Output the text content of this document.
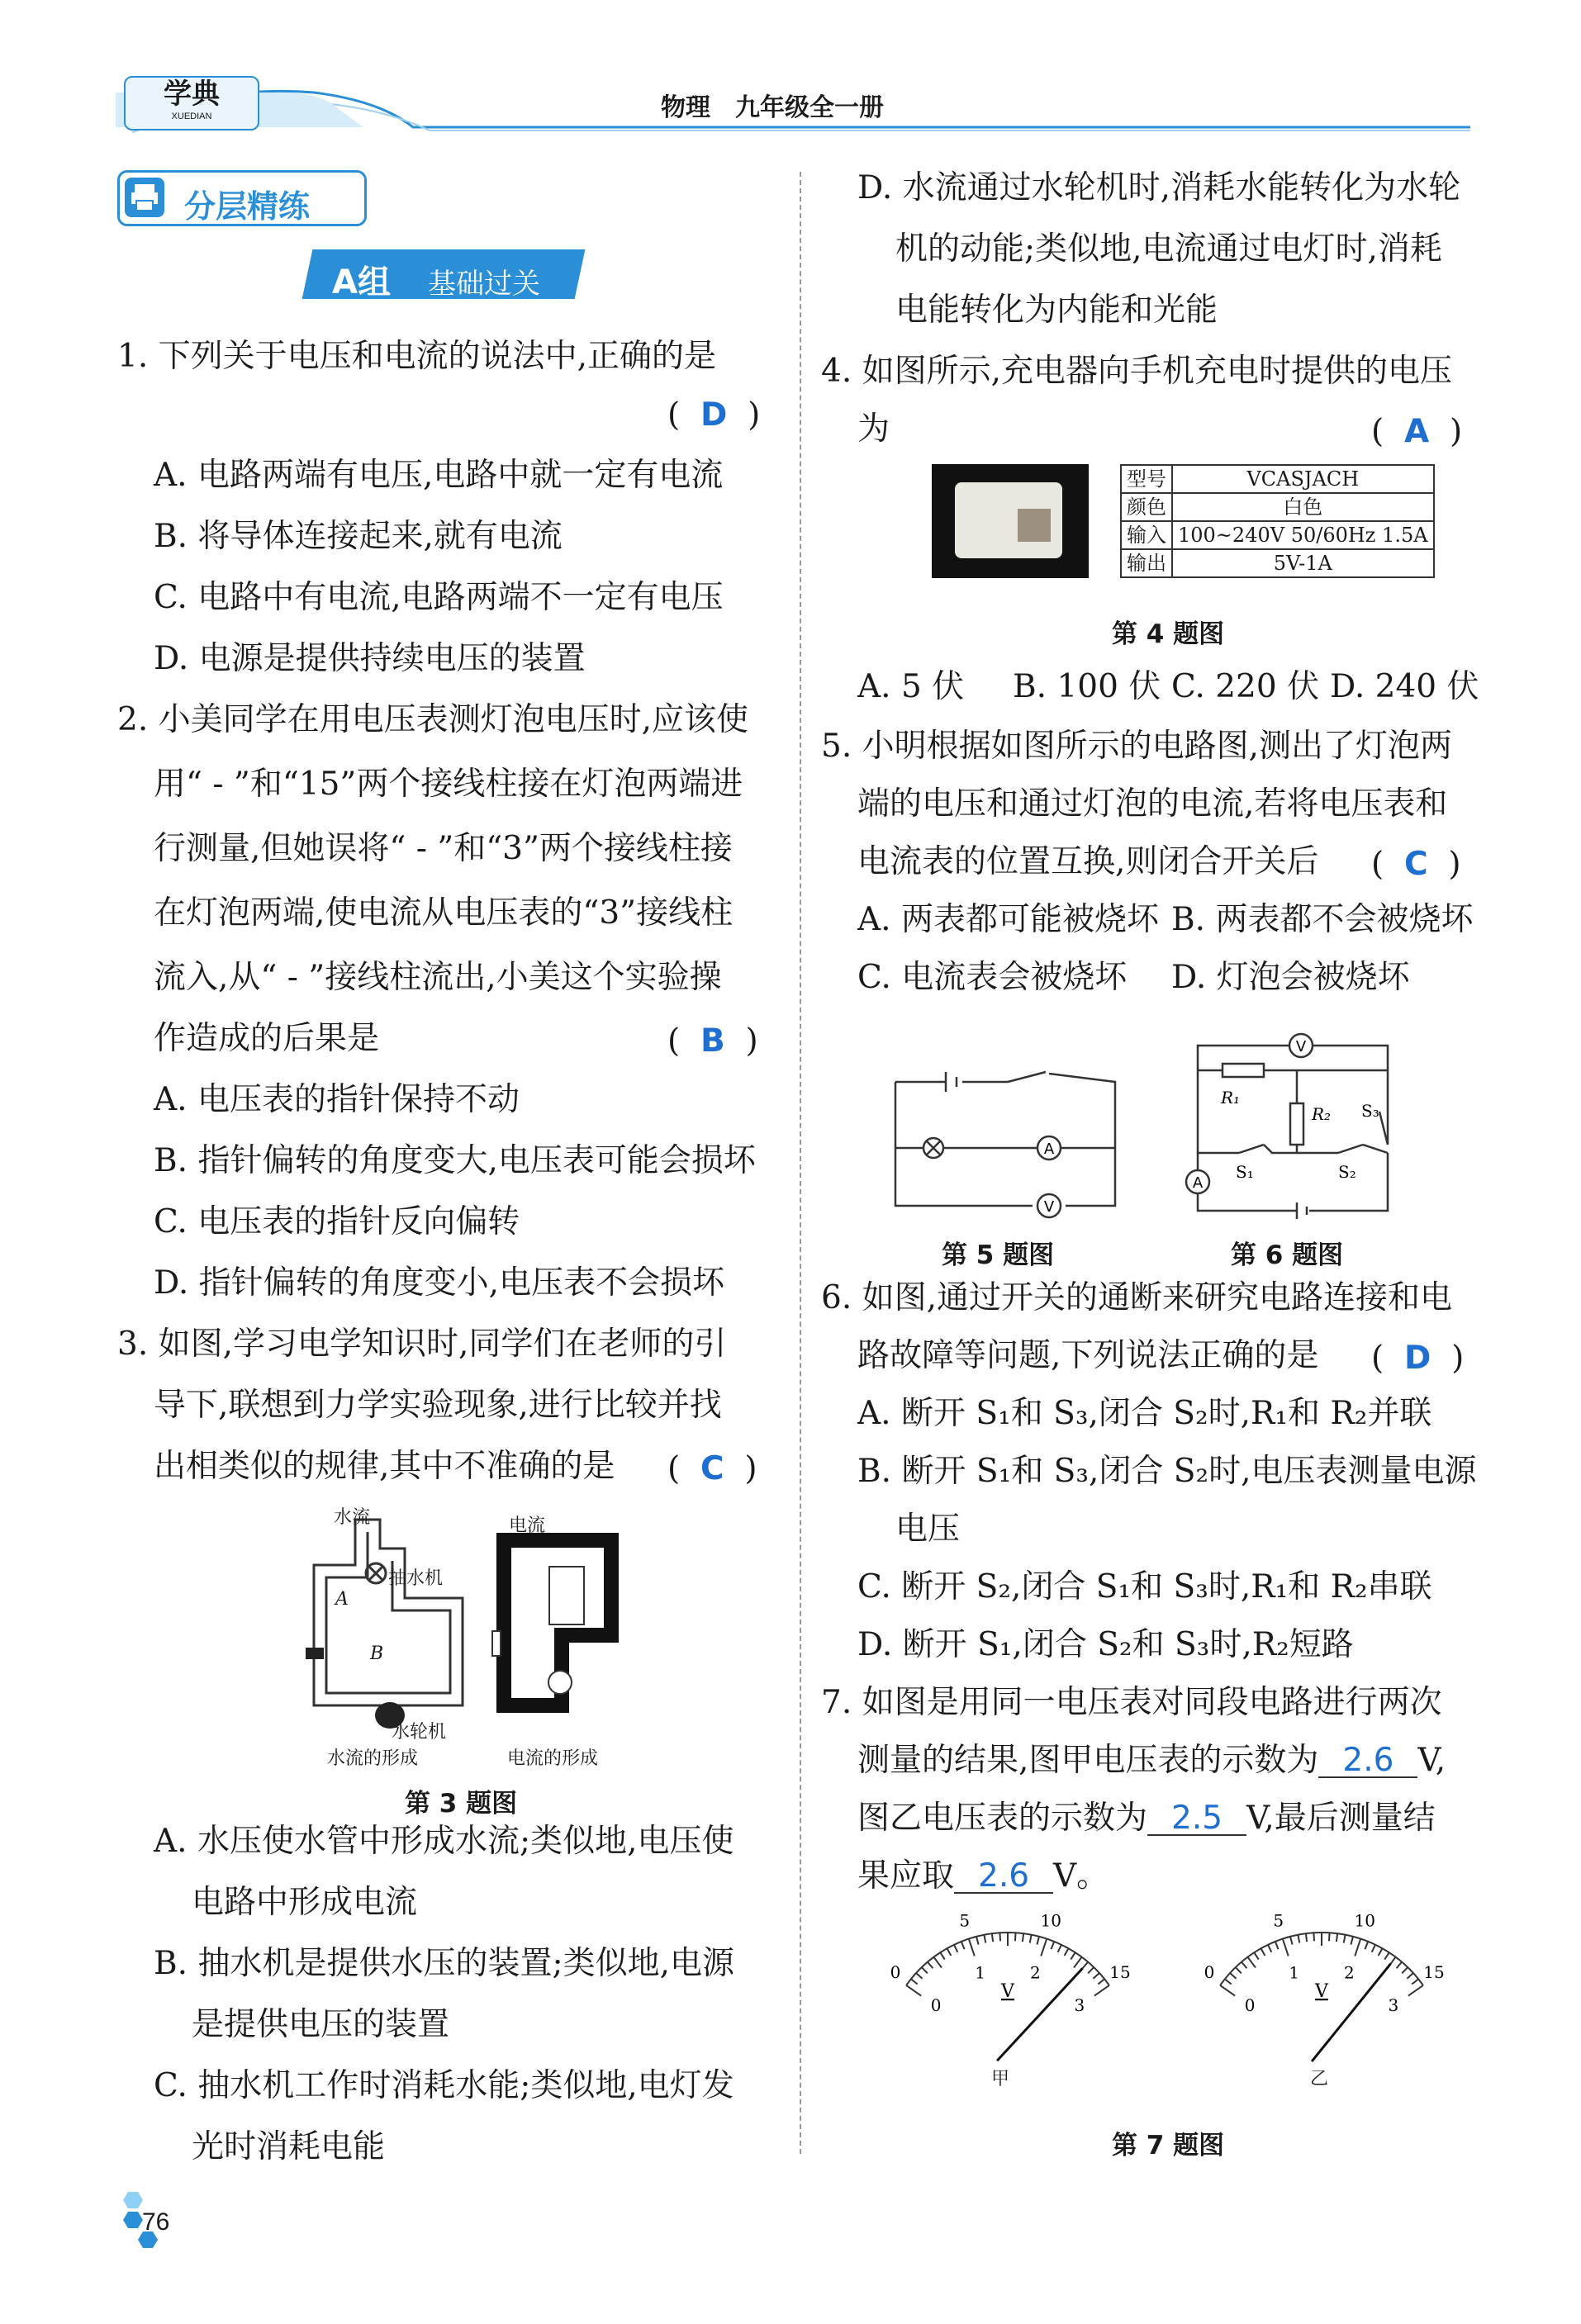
学典
XUEDIAN	物理　九年级全一册
分层精练
A组 基础过关
1. 下列关于电压和电流的说法中,正确的是
(  D  )
A. 电路两端有电压,电路中就一定有电流
B. 将导体连接起来,就有电流
C. 电路中有电流,电路两端不一定有电压
D. 电源是提供持续电压的装置
2. 小美同学在用电压表测灯泡电压时,应该使
用“ - ”和“15”两个接线柱接在灯泡两端进
行测量,但她误将“ - ”和“3”两个接线柱接
在灯泡两端,使电流从电压表的“3”接线柱
流入,从“ - ”接线柱流出,小美这个实验操
作造成的后果是	(  B  )
A. 电压表的指针保持不动
B. 指针偏转的角度变大,电压表可能会损坏
C. 电压表的指针反向偏转
D. 指针偏转的角度变小,电压表不会损坏
3. 如图,学习电学知识时,同学们在老师的引
导下,联想到力学实验现象,进行比较并找
出相类似的规律,其中不准确的是 (  C  )
水流
抽水机
A
B
水轮机
水流的形成
电流
电流的形成
第 3 题图
A. 水压使水管中形成水流;类似地,电压使
电路中形成电流
B. 抽水机是提供水压的装置;类似地,电源
是提供电压的装置
C. 抽水机工作时消耗水能;类似地,电灯发
光时消耗电能
D. 水流通过水轮机时,消耗水能转化为水轮
机的动能;类似地,电流通过电灯时,消耗
电能转化为内能和光能
4. 如图所示,充电器向手机充电时提供的电压
为	(  A  )
型号	VCASJACH
颜色	白色
输入	100~240V 50/60Hz 1.5A
输出	5V-1A
第 4 题图
A. 5 伏 B. 100 伏 C. 220 伏 D. 240 伏
5. 小明根据如图所示的电路图,测出了灯泡两
端的电压和通过灯泡的电流,若将电压表和
电流表的位置互换,则闭合开关后 (  C  )
A. 两表都可能被烧坏 B. 两表都不会被烧坏
C. 电流表会被烧坏 D. 灯泡会被烧坏
V
A
第 5 题图
V
A
R₁
R₂ S₃
S₁	S₂
第 6 题图
6. 如图,通过开关的通断来研究电路连接和电
路故障等问题,下列说法正确的是 (  D  )
A. 断开 S₁和 S₃,闭合 S₂时,R₁和 R₂并联
B. 断开 S₁和 S₃,闭合 S₂时,电压表测量电源
电压
C. 断开 S₂,闭合 S₁和 S₃时,R₁和 R₂串联
D. 断开 S₁,闭合 S₂和 S₃时,R₂短路
7. 如图是用同一电压表对同段电路进行两次
测量的结果,图甲电压表的示数为 2.6 V,
图乙电压表的示数为 2.5 V,最后测量结
果应取 2.6 V。
0
5	10
15
0
1	2
3
V
0
5	10
15
0
1	2
3
V
甲	乙
第 7 题图
76
